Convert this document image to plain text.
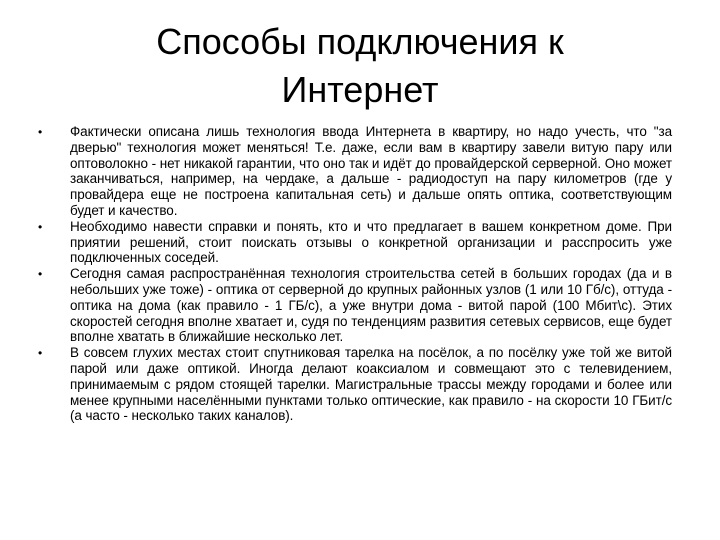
Способы подключения к
Интернет
•	Фактически описана лишь технология ввода Интернета в квартиру, но надо учесть, что "за дверью" технология может меняться! Т.е. даже, если вам в квартиру завели витую пару или оптоволокно - нет никакой гарантии, что оно так и идёт до провайдерской серверной. Оно может заканчиваться, например, на чердаке, а дальше - радиодоступ на пару километров (где у провайдера еще не построена капитальная сеть) и дальше опять оптика, соответствующим будет и качество.
•	Необходимо навести справки и понять, кто и что предлагает в вашем конкретном доме. При приятии решений, стоит поискать отзывы о конкретной организации и расспросить уже подключенных соседей.
•	Сегодня самая распространённая технология строительства сетей в больших городах (да и в небольших уже тоже) - оптика от серверной до крупных районных узлов (1 или 10 Гб/с), оттуда - оптика на дома (как правило - 1 ГБ/с), а уже внутри дома - витой парой (100 Мбит\с). Этих скоростей сегодня вполне хватает и, судя по тенденциям развития сетевых сервисов, еще будет вполне хватать в ближайшие несколько лет.
•	В совсем глухих местах стоит спутниковая тарелка на посёлок, а по посёлку уже той же витой парой или даже оптикой. Иногда делают коаксиалом и совмещают это с телевидением, принимаемым с рядом стоящей тарелки. Магистральные трассы между городами и более или менее крупными населёнными пунктами только оптические, как правило - на скорости 10 ГБит/с (а часто - несколько таких каналов).
